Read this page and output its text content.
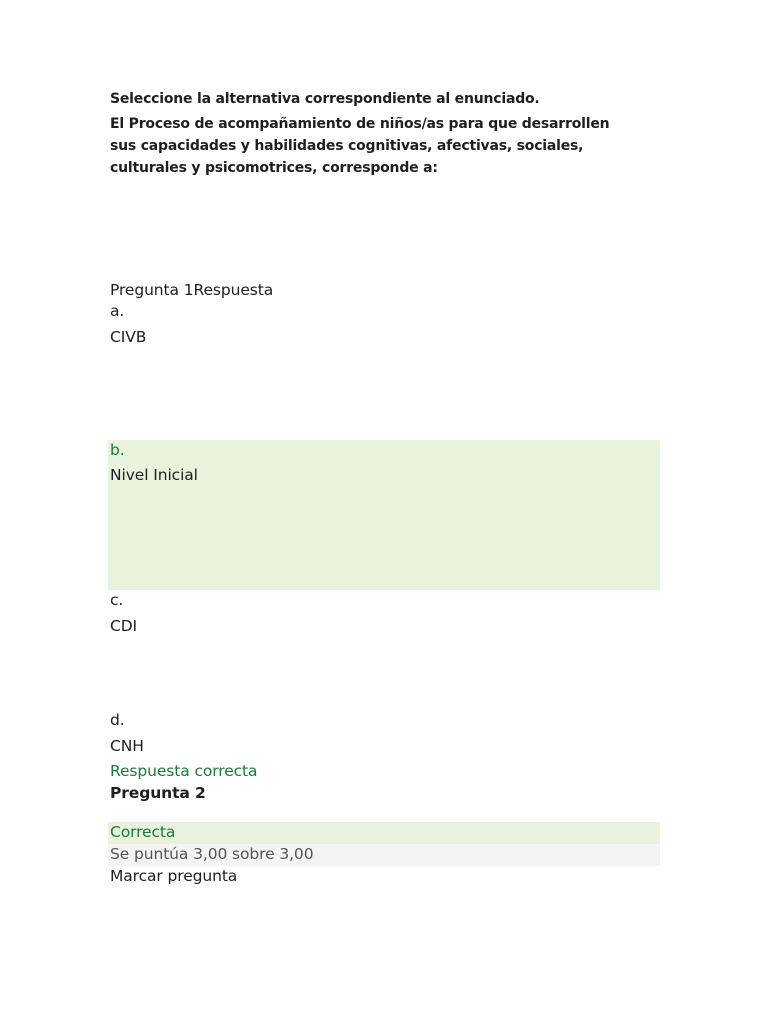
Seleccione la alternativa correspondiente al enunciado.
El Proceso de acompañamiento de niños/as para que desarrollen
sus capacidades y habilidades cognitivas, afectivas, sociales,
culturales y psicomotrices, corresponde a:
Pregunta 1Respuesta
a.
CIVB
b.
Nivel Inicial
c.
CDI
d.
CNH
Respuesta correcta
Pregunta 2
Correcta
Se puntúa 3,00 sobre 3,00
Marcar pregunta
